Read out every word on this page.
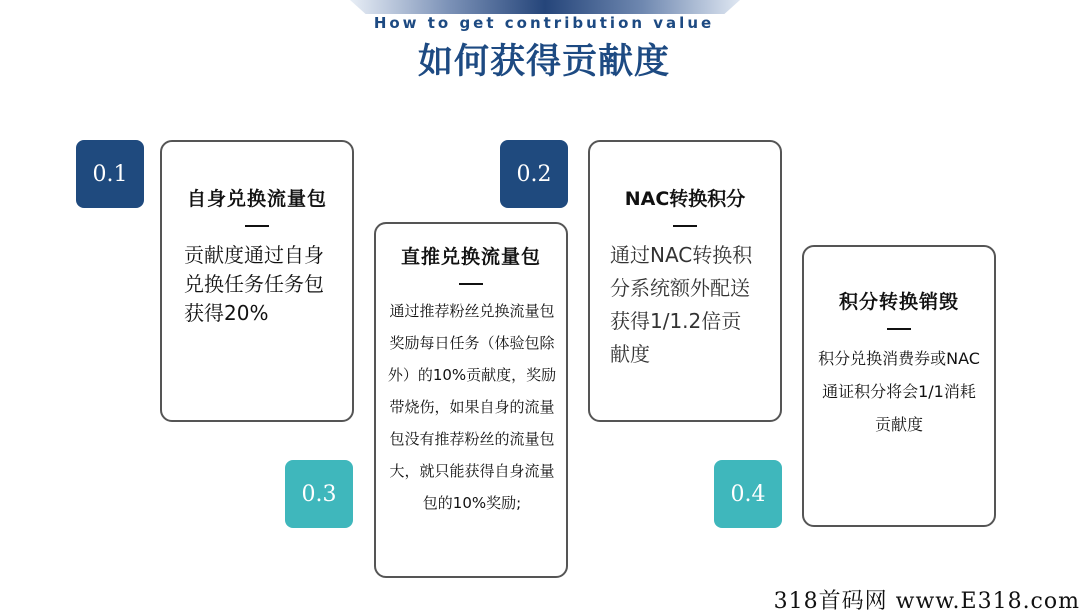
How to get contribution value
如何获得贡献度
0.1
自身兑换流量包
贡献度通过自身兑换任务任务包获得20%
0.2
NAC转换积分
通过NAC转换积分系统额外配送获得1/1.2倍贡献度
直推兑换流量包
通过推荐粉丝兑换流量包奖励每日任务（体验包除外）的10%贡献度，奖励带烧伤，如果自身的流量包没有推荐粉丝的流量包大，就只能获得自身流量包的10%奖励;
0.3
积分转换销毁
积分兑换消费券或NAC通证积分将会1/1消耗贡献度
0.4
318首码网 www.E318.com
